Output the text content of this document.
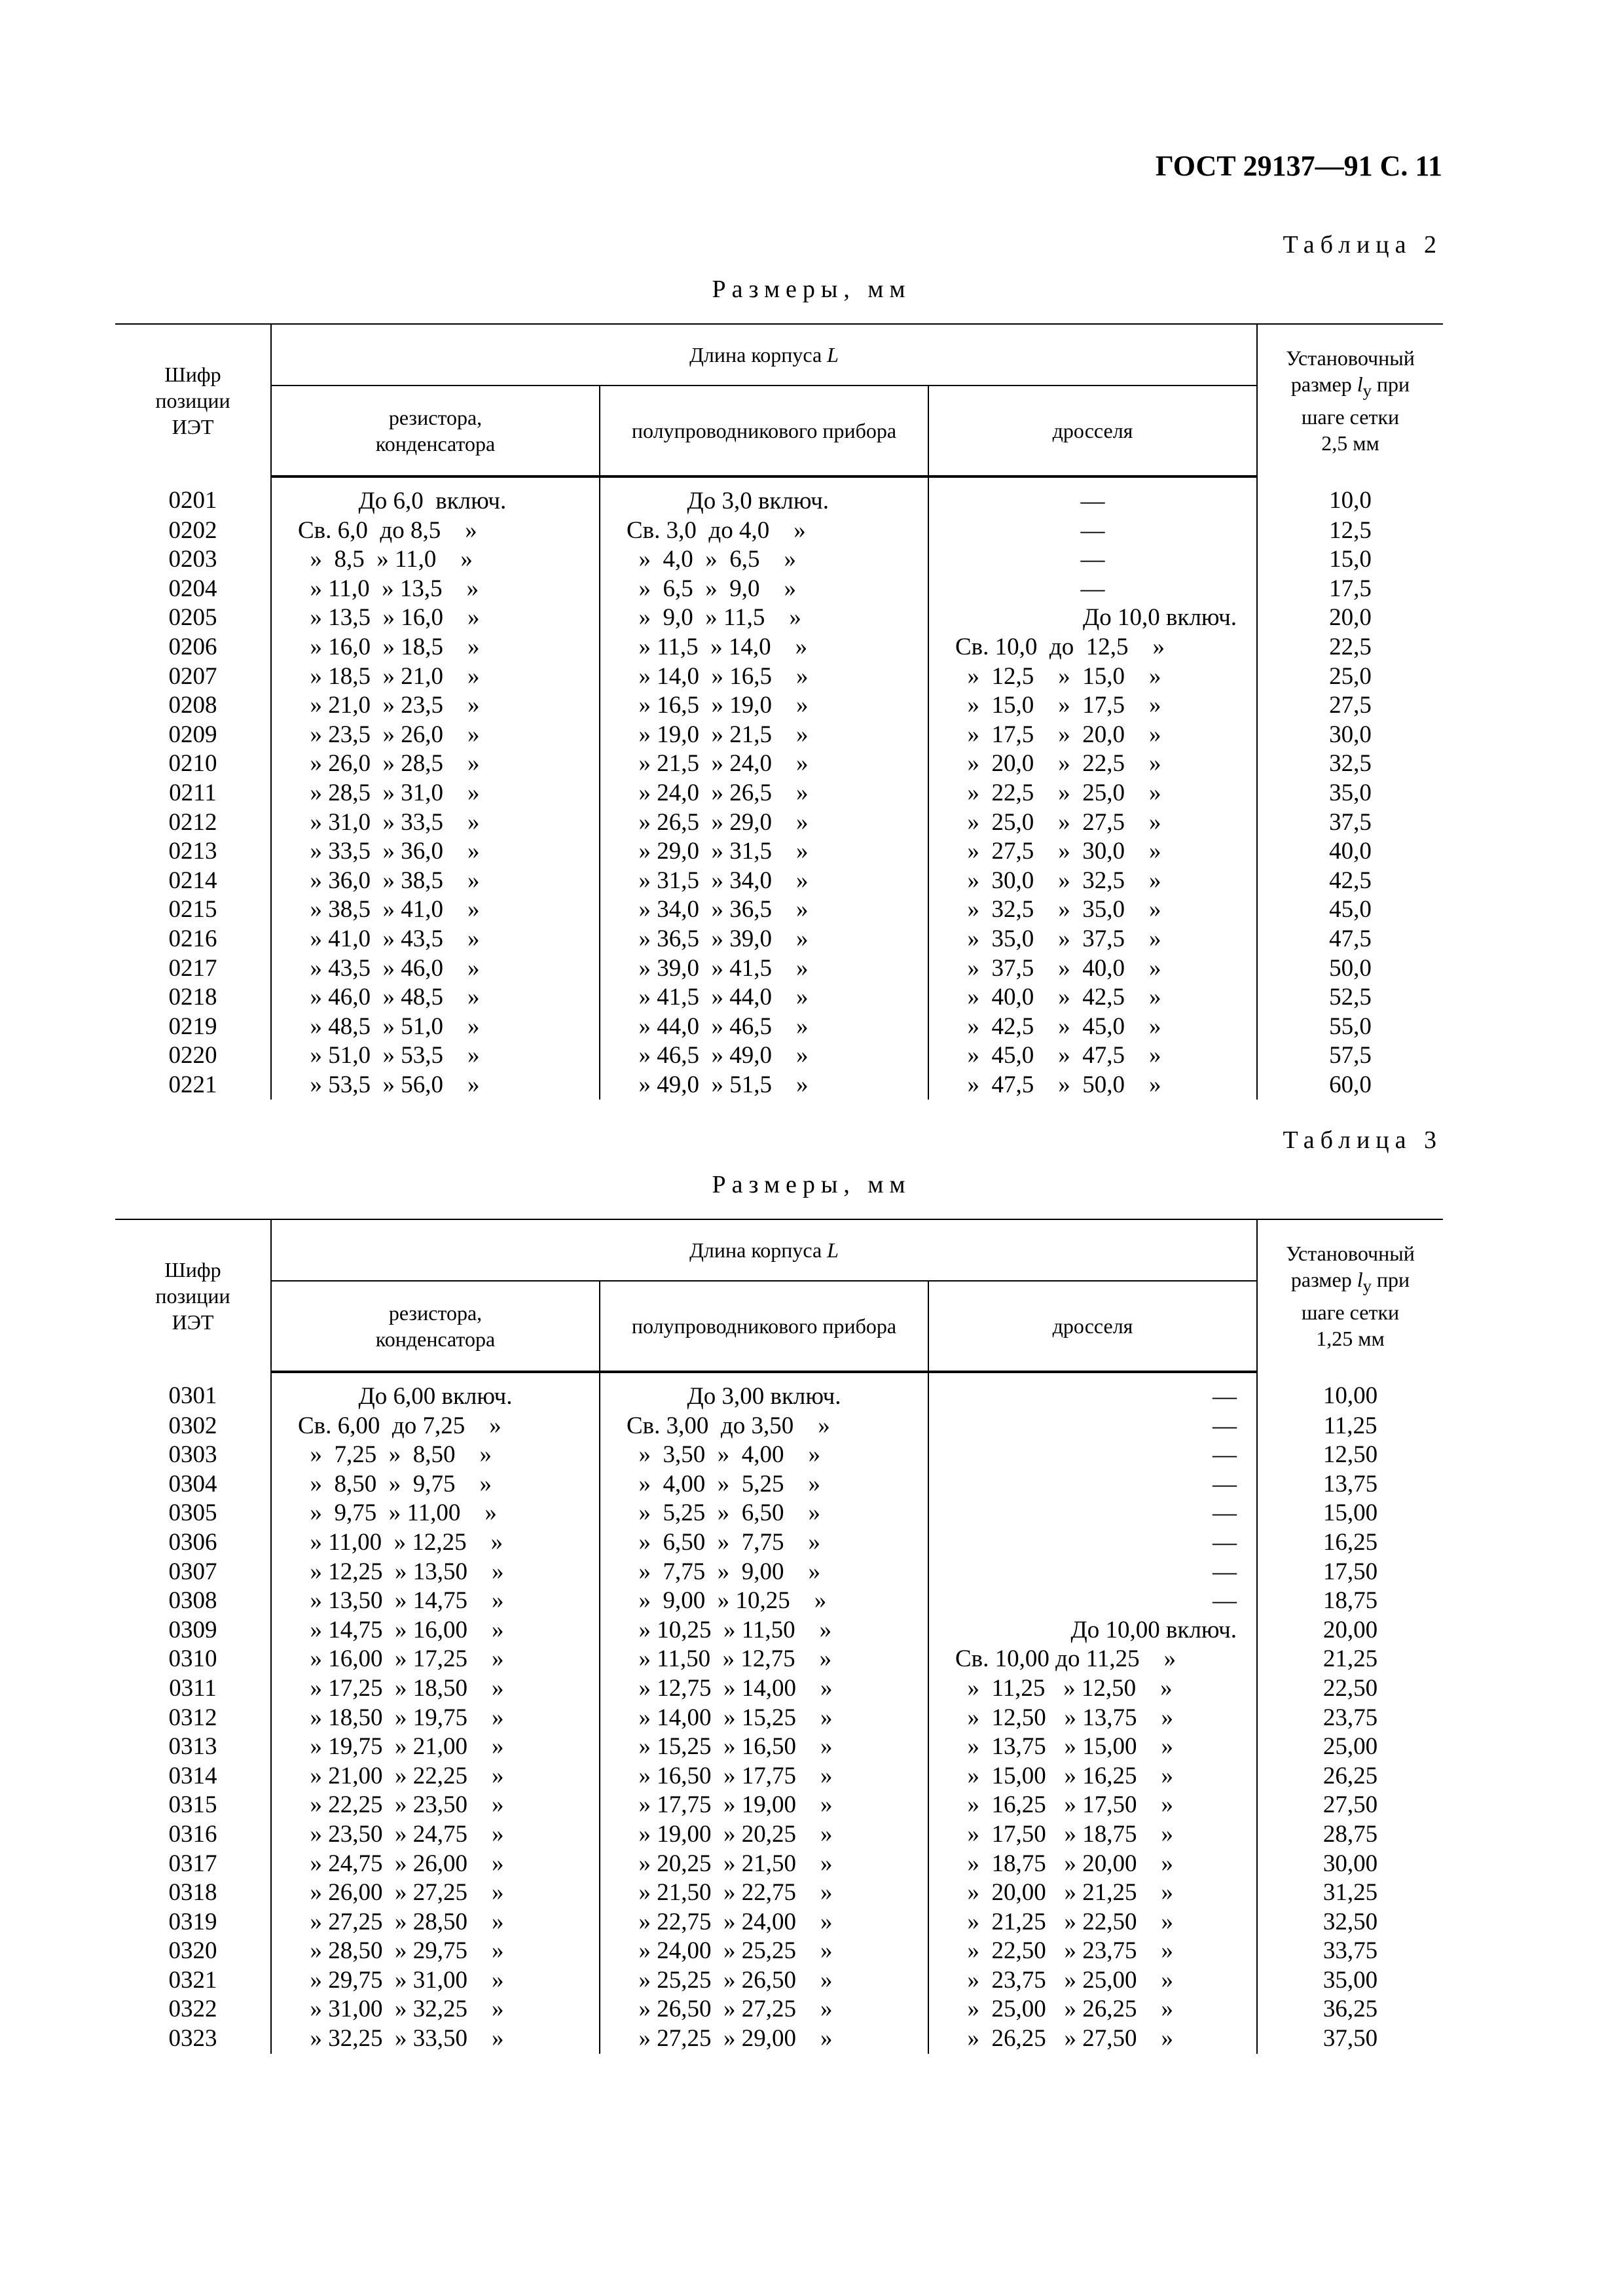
ГОСТ 29137—91 С. 11
Таблица 2
Размеры, мм
Шифр
позиции
ИЭТ	Длина корпуса L			Установочный
размер $l_у$ при
шаге сетки
2,5 мм
	резистора,
конденсатора	полупроводникового прибора	дросселя	
0201	До 6,0  включ.	До 3,0 включ.	—	10,0
0202	Св. 6,0  до 8,5    »	Св. 3,0  до 4,0    »	—	12,5
0203	»  8,5  » 11,0    »	»  4,0  »  6,5    »	—	15,0
0204	» 11,0  » 13,5    »	»  6,5  »  9,0    »	—	17,5
0205	» 13,5  » 16,0    »	»  9,0  » 11,5    »	До 10,0 включ.	20,0
0206	» 16,0  » 18,5    »	» 11,5  » 14,0    »	Св. 10,0  до  12,5    »	22,5
0207	» 18,5  » 21,0    »	» 14,0  » 16,5    »	»  12,5    »  15,0    »	25,0
0208	» 21,0  » 23,5    »	» 16,5  » 19,0    »	»  15,0    »  17,5    »	27,5
0209	» 23,5  » 26,0    »	» 19,0  » 21,5    »	»  17,5    »  20,0    »	30,0
0210	» 26,0  » 28,5    »	» 21,5  » 24,0    »	»  20,0    »  22,5    »	32,5
0211	» 28,5  » 31,0    »	» 24,0  » 26,5    »	»  22,5    »  25,0    »	35,0
0212	» 31,0  » 33,5    »	» 26,5  » 29,0    »	»  25,0    »  27,5    »	37,5
0213	» 33,5  » 36,0    »	» 29,0  » 31,5    »	»  27,5    »  30,0    »	40,0
0214	» 36,0  » 38,5    »	» 31,5  » 34,0    »	»  30,0    »  32,5    »	42,5
0215	» 38,5  » 41,0    »	» 34,0  » 36,5    »	»  32,5    »  35,0    »	45,0
0216	» 41,0  » 43,5    »	» 36,5  » 39,0    »	»  35,0    »  37,5    »	47,5
0217	» 43,5  » 46,0    »	» 39,0  » 41,5    »	»  37,5    »  40,0    »	50,0
0218	» 46,0  » 48,5    »	» 41,5  » 44,0    »	»  40,0    »  42,5    »	52,5
0219	» 48,5  » 51,0    »	» 44,0  » 46,5    »	»  42,5    »  45,0    »	55,0
0220	» 51,0  » 53,5    »	» 46,5  » 49,0    »	»  45,0    »  47,5    »	57,5
0221	» 53,5  » 56,0    »	» 49,0  » 51,5    »	»  47,5    »  50,0    »	60,0
Таблица 3
Размеры, мм
Шифр
позиции
ИЭТ	Длина корпуса L			Установочный
размер $l_у$ при
шаге сетки
1,25 мм
	резистора,
конденсатора	полупроводникового прибора	дросселя	
0301	До 6,00 включ.	До 3,00 включ.	—	10,00
0302	Св. 6,00  до 7,25    »	Св. 3,00  до 3,50    »	—	11,25
0303	»  7,25  »  8,50    »	»  3,50  »  4,00    »	—	12,50
0304	»  8,50  »  9,75    »	»  4,00  »  5,25    »	—	13,75
0305	»  9,75  » 11,00    »	»  5,25  »  6,50    »	—	15,00
0306	» 11,00  » 12,25    »	»  6,50  »  7,75    »	—	16,25
0307	» 12,25  » 13,50    »	»  7,75  »  9,00    »	—	17,50
0308	» 13,50  » 14,75    »	»  9,00  » 10,25    »	—	18,75
0309	» 14,75  » 16,00    »	» 10,25  » 11,50    »	До 10,00 включ.	20,00
0310	» 16,00  » 17,25    »	» 11,50  » 12,75    »	Св. 10,00 до 11,25    »	21,25
0311	» 17,25  » 18,50    »	» 12,75  » 14,00    »	»  11,25   » 12,50    »	22,50
0312	» 18,50  » 19,75    »	» 14,00  » 15,25    »	»  12,50   » 13,75    »	23,75
0313	» 19,75  » 21,00    »	» 15,25  » 16,50    »	»  13,75   » 15,00    »	25,00
0314	» 21,00  » 22,25    »	» 16,50  » 17,75    »	»  15,00   » 16,25    »	26,25
0315	» 22,25  » 23,50    »	» 17,75  » 19,00    »	»  16,25   » 17,50    »	27,50
0316	» 23,50  » 24,75    »	» 19,00  » 20,25    »	»  17,50   » 18,75    »	28,75
0317	» 24,75  » 26,00    »	» 20,25  » 21,50    »	»  18,75   » 20,00    »	30,00
0318	» 26,00  » 27,25    »	» 21,50  » 22,75    »	»  20,00   » 21,25    »	31,25
0319	» 27,25  » 28,50    »	» 22,75  » 24,00    »	»  21,25   » 22,50    »	32,50
0320	» 28,50  » 29,75    »	» 24,00  » 25,25    »	»  22,50   » 23,75    »	33,75
0321	» 29,75  » 31,00    »	» 25,25  » 26,50    »	»  23,75   » 25,00    »	35,00
0322	» 31,00  » 32,25    »	» 26,50  » 27,25    »	»  25,00   » 26,25    »	36,25
0323	» 32,25  » 33,50    »	» 27,25  » 29,00    »	»  26,25   » 27,50    »	37,50
